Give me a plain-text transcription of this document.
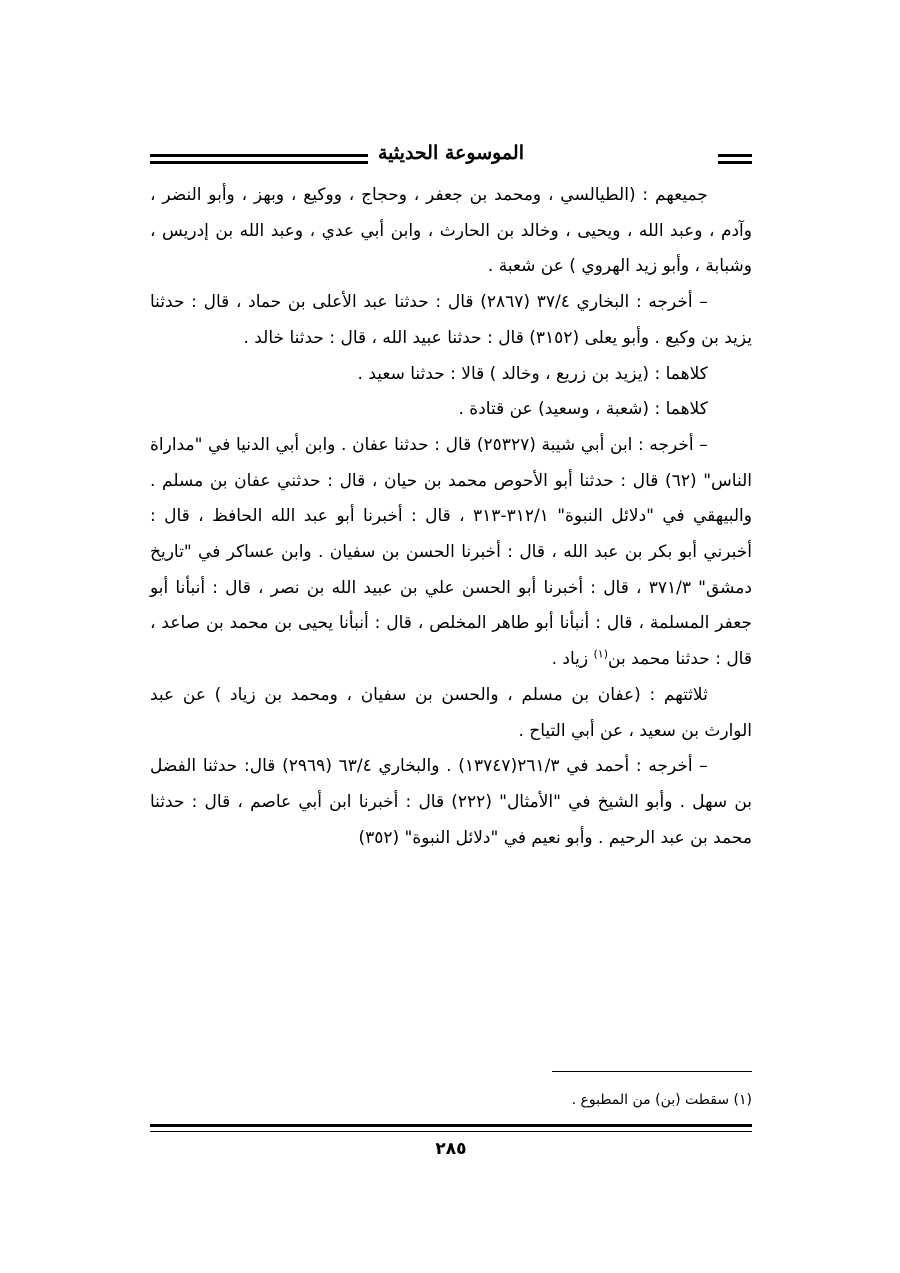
الموسوعة الحديثية

جميعهم : (الطيالسي ، ومحمد بن جعفر ، وحجاج ، ووكيع ، وبهز ، وأبو النضر ، وآدم ، وعبد الله ، ويحيى ، وخالد بن الحارث ، وابن أبي عدي ، وعبد الله بن إدريس ، وشبابة ، وأبو زيد الهروي ) عن شعبة .

– أخرجه : البخاري ٣٧/٤ (٢٨٦٧) قال : حدثنا عبد الأعلى بن حماد ، قال : حدثنا يزيد بن وكيع . وأبو يعلى (٣١٥٢) قال : حدثنا عبيد الله ، قال : حدثنا خالد .

كلاهما : (يزيد بن زريع ، وخالد ) قالا : حدثنا سعيد .

كلاهما : (شعبة ، وسعيد) عن قتادة .

– أخرجه : ابن أبي شيبة (٢٥٣٢٧) قال : حدثنا عفان . وابن أبي الدنيا في "مداراة الناس" (٦٢) قال : حدثنا أبو الأحوص محمد بن حيان ، قال : حدثني عفان بن مسلم . والبيهقي في "دلائل النبوة" ٣١٢/١-٣١٣ ، قال : أخبرنا أبو عبد الله الحافظ ، قال : أخبرني أبو بكر بن عبد الله ، قال : أخبرنا الحسن بن سفيان . وابن عساكر في "تاريخ دمشق" ٣٧١/٣ ، قال : أخبرنا أبو الحسن علي بن عبيد الله بن نصر ، قال : أنبأنا أبو جعفر المسلمة ، قال : أنبأنا أبو طاهر المخلص ، قال : أنبأنا يحيى بن محمد بن صاعد ، قال : حدثنا محمد بن$^{(١)}$ زياد .

ثلاثتهم : (عفان بن مسلم ، والحسن بن سفيان ، ومحمد بن زياد ) عن عبد الوارث بن سعيد ، عن أبي التياح .

– أخرجه : أحمد في ٢٦١/٣(١٣٧٤٧) . والبخاري ٦٣/٤ (٢٩٦٩) قال: حدثنا الفضل بن سهل . وأبو الشيخ في "الأمثال" (٢٢٢) قال : أخبرنا ابن أبي عاصم ، قال : حدثنا محمد بن عبد الرحيم . وأبو نعيم في "دلائل النبوة" (٣٥٢)

(١) سقطت (بن) من المطبوع .
٢٨٥
